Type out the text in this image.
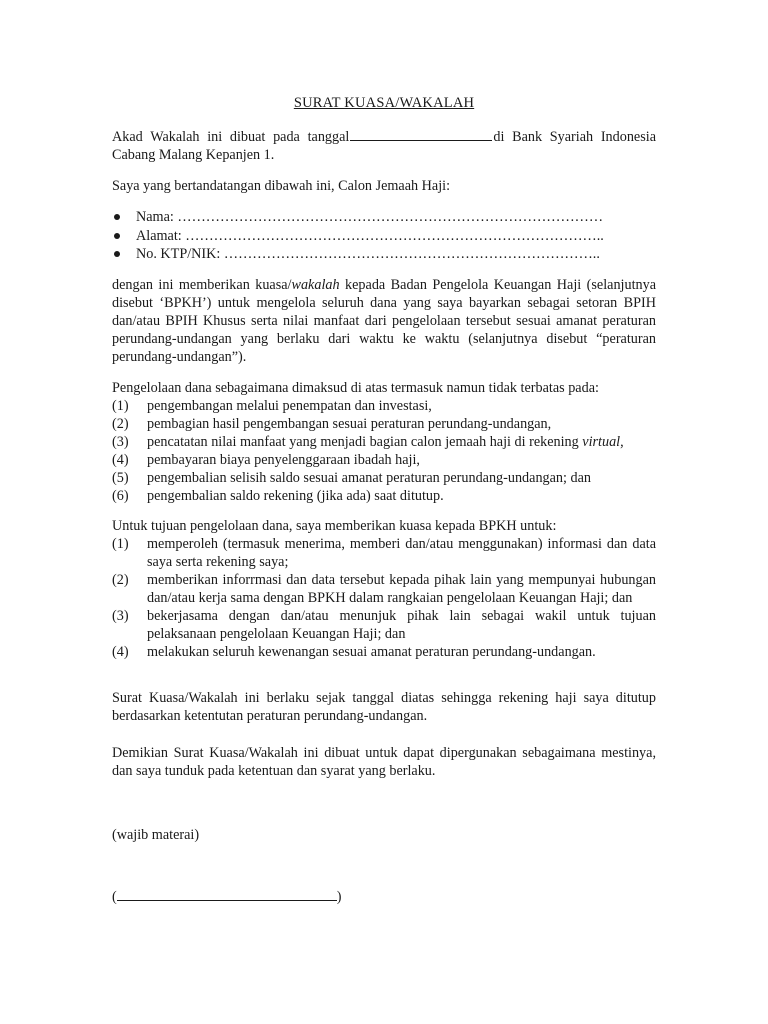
SURAT KUASA/WAKALAH
Akad Wakalah ini dibuat pada tanggal	di Bank Syariah Indonesia Cabang Malang Kepanjen 1.
Saya yang bertandatangan dibawah ini, Calon Jemaah Haji:
Nama: ………………………………………………………………………………
Alamat: ……………………………………………………………………………..
No. KTP/NIK: ……………………………………………………………………..
dengan ini memberikan kuasa/wakalah kepada Badan Pengelola Keuangan Haji (selanjutnya disebut ‘BPKH’) untuk mengelola seluruh dana yang saya bayarkan sebagai setoran BPIH dan/atau BPIH Khusus serta nilai manfaat dari pengelolaan tersebut sesuai amanat peraturan perundang-undangan yang berlaku dari waktu ke waktu (selanjutnya disebut “peraturan perundang-undangan”).
Pengelolaan dana sebagaimana dimaksud di atas termasuk namun tidak terbatas pada:
(1) pengembangan melalui penempatan dan investasi,
(2) pembagian hasil pengembangan sesuai peraturan perundang-undangan,
(3) pencatatan nilai manfaat yang menjadi bagian calon jemaah haji di rekening virtual,
(4) pembayaran biaya penyelenggaraan ibadah haji,
(5) pengembalian selisih saldo sesuai amanat peraturan perundang-undangan; dan
(6) pengembalian saldo rekening (jika ada) saat ditutup.
Untuk tujuan pengelolaan dana, saya memberikan kuasa kepada BPKH untuk:
(1) memperoleh (termasuk menerima, memberi dan/atau menggunakan) informasi dan data saya serta rekening saya;
(2) memberikan inforrmasi dan data tersebut kepada pihak lain yang mempunyai hubungan dan/atau kerja sama dengan BPKH dalam rangkaian pengelolaan Keuangan Haji; dan
(3) bekerjasama dengan dan/atau menunjuk pihak lain sebagai wakil untuk tujuan pelaksanaan pengelolaan Keuangan Haji; dan
(4) melakukan seluruh kewenangan sesuai amanat peraturan perundang-undangan.
Surat Kuasa/Wakalah ini berlaku sejak tanggal diatas sehingga rekening haji saya ditutup berdasarkan ketentutan peraturan perundang-undangan.
Demikian Surat Kuasa/Wakalah ini dibuat untuk dapat dipergunakan sebagaimana mestinya, dan saya tunduk pada ketentuan dan syarat yang berlaku.
(wajib materai)
(	)
